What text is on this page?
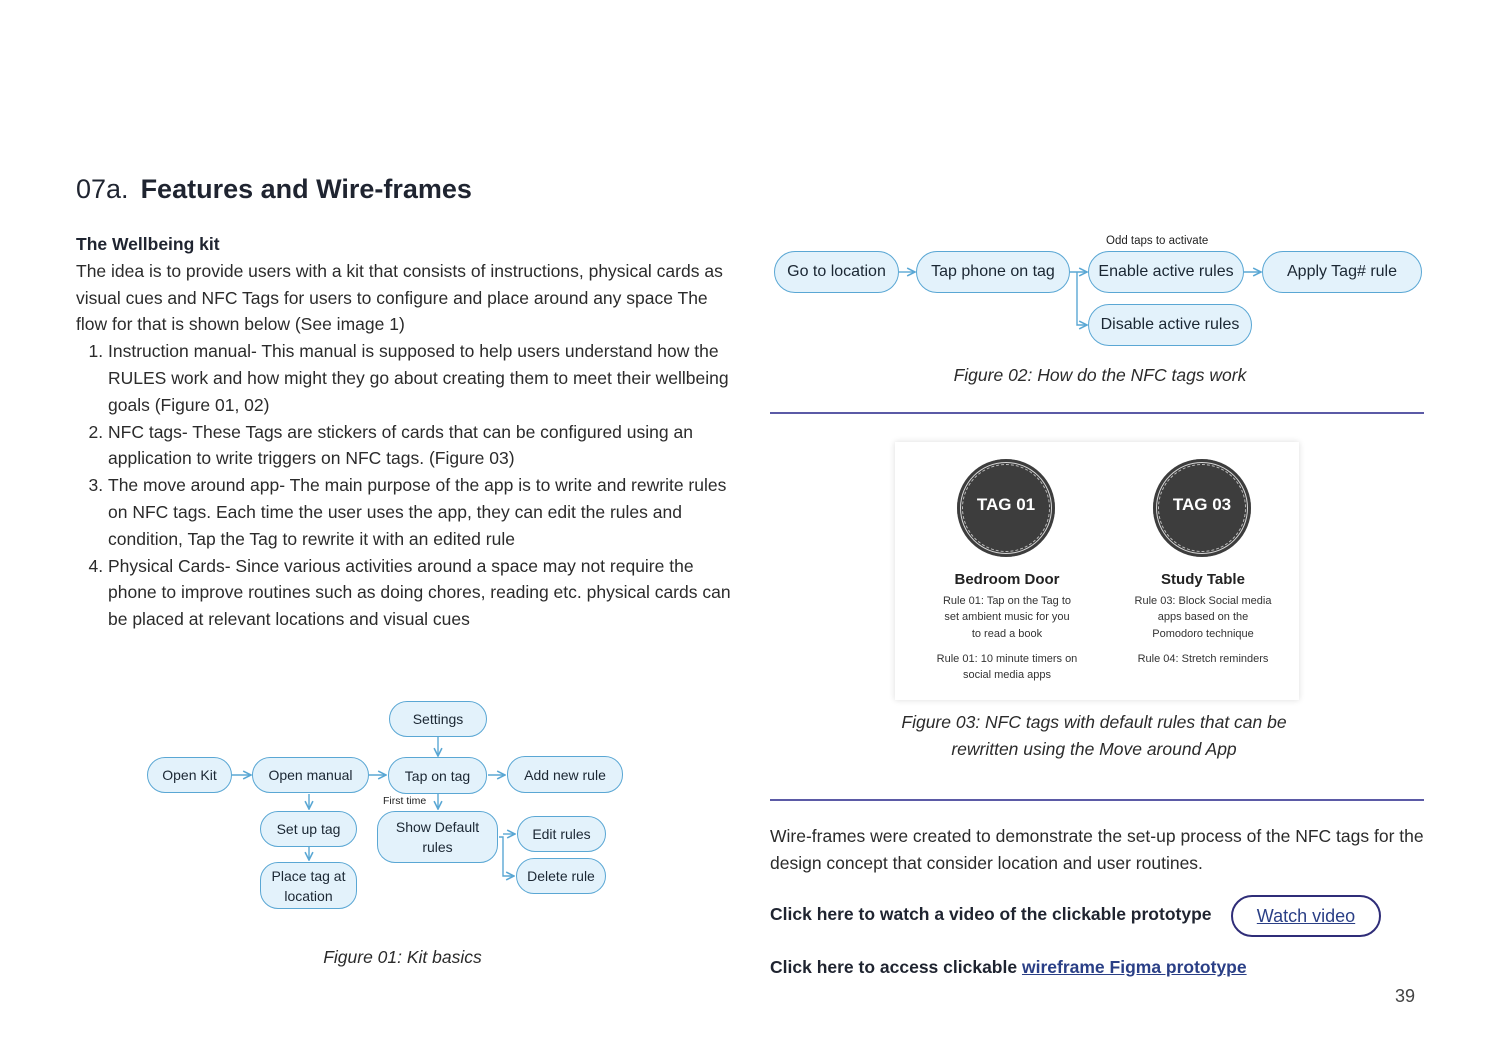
07a. Features and Wire-frames
The Wellbeing kit
The idea is to provide users with a kit that consists of instructions, physical cards as visual cues and NFC Tags for users to configure and place around any space The flow for that is shown below (See image 1)
1. Instruction manual- This manual is supposed to help users understand how the RULES work and how might they go about creating them to meet their wellbeing goals (Figure 01, 02)
2. NFC tags- These Tags are stickers of cards that can be configured using an application to write triggers on NFC tags. (Figure 03)
3. The move around app- The main purpose of the app is to write and rewrite rules on NFC tags. Each time the user uses the app, they can edit the rules and condition, Tap the Tag to rewrite it with an edited rule
4. Physical Cards- Since various activities around a space may not require the phone to improve routines such as doing chores, reading etc. physical cards can be placed at relevant locations and visual cues
Open Kit	Open manual
Settings
Tap on tag	Add new rule
First time
Set up tag
Place tag at
location
Show Default
rules
Edit rules
Delete rule
Figure 01: Kit basics
Go to location	Tap phone on tag
Odd taps to activate
Enable active rules	Apply Tag# rule
Disable active rules
Figure 02: How do the NFC tags work
TAG 01
Bedroom Door
Rule 01: Tap on the Tag to
set ambient music for you
to read a book
Rule 01: 10 minute timers on
social media apps
TAG 03
Study Table
Rule 03: Block Social media
apps based on the
Pomodoro technique
Rule 04: Stretch reminders
Figure 03: NFC tags with default rules that can be
rewritten using the Move around App
Wire-frames were created to demonstrate the set-up process of the NFC tags for the design concept that consider location and user routines.
Click here to watch a video of the clickable prototype	Watch video
Click here to access clickable wireframe Figma prototype
39
